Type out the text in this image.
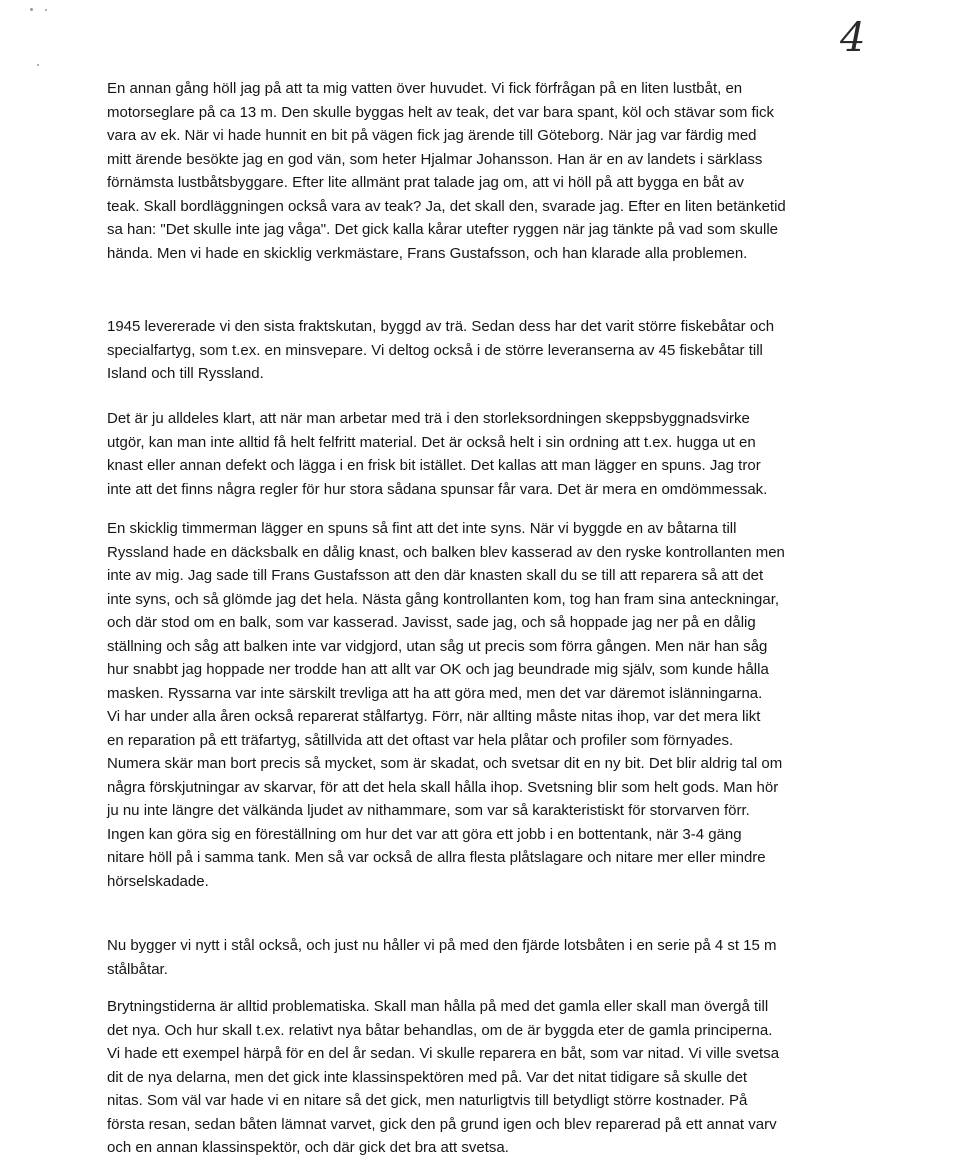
4
En annan gång höll jag på att ta mig vatten över huvudet. Vi fick förfrågan på en liten lustbåt, en
motorseglare på ca 13 m. Den skulle byggas helt av teak, det var bara spant, köl och stävar som fick
vara av ek. När vi hade hunnit en bit på vägen fick jag ärende till Göteborg. När jag var färdig med
mitt ärende besökte jag en god vän, som heter Hjalmar Johansson. Han är en av landets i särklass
förnämsta lustbåtsbyggare. Efter lite allmänt prat talade jag om, att vi höll på att bygga en båt av
teak. Skall bordläggningen också vara av teak? Ja, det skall den, svarade jag. Efter en liten betänketid
sa han: "Det skulle inte jag våga". Det gick kalla kårar utefter ryggen när jag tänkte på vad som skulle
hända. Men vi hade en skicklig verkmästare, Frans Gustafsson, och han klarade alla problemen.
1945 levererade vi den sista fraktskutan, byggd av trä. Sedan dess har det varit större fiskebåtar och
specialfartyg, som t.ex. en minsvepare. Vi deltog också i de större leveranserna av 45 fiskebåtar till
Island och till Ryssland.
Det är ju alldeles klart, att när man arbetar med trä i den storleksordningen skeppsbyggnadsvirke
utgör, kan man inte alltid få helt felfritt material. Det är också helt i sin ordning att t.ex. hugga ut en
knast eller annan defekt och lägga i en frisk bit istället. Det kallas att man lägger en spuns. Jag tror
inte att det finns några regler för hur stora sådana spunsar får vara. Det är mera en omdömmessak.
En skicklig timmerman lägger en spuns så fint att det inte syns. När vi byggde en av båtarna till
Ryssland hade en däcksbalk en dålig knast, och balken blev kasserad av den ryske kontrollanten men
inte av mig. Jag sade till Frans Gustafsson att den där knasten skall du se till att reparera så att det
inte syns, och så glömde jag det hela. Nästa gång kontrollanten kom, tog han fram sina anteckningar,
och där stod om en balk, som var kasserad. Javisst, sade jag, och så hoppade jag ner på en dålig
ställning och såg att balken inte var vidgjord, utan såg ut precis som förra gången. Men när han såg
hur snabbt jag hoppade ner trodde han att allt var OK och jag beundrade mig själv, som kunde hålla
masken. Ryssarna var inte särskilt trevliga att ha att göra med, men det var däremot islänningarna.
Vi har under alla åren också reparerat stålfartyg. Förr, när allting måste nitas ihop, var det mera likt
en reparation på ett träfartyg, såtillvida att det oftast var hela plåtar och profiler som förnyades.
Numera skär man bort precis så mycket, som är skadat, och svetsar dit en ny bit. Det blir aldrig tal om
några förskjutningar av skarvar, för att det hela skall hålla ihop. Svetsning blir som helt gods. Man hör
ju nu inte längre det välkända ljudet av nithammare, som var så karakteristiskt för storvarven förr.
Ingen kan göra sig en föreställning om hur det var att göra ett jobb i en bottentank, när 3-4 gäng
nitare höll på i samma tank. Men så var också de allra flesta plåtslagare och nitare mer eller mindre
hörselskadade.
Nu bygger vi nytt i stål också, och just nu håller vi på med den fjärde lotsbåten i en serie på 4 st 15 m
stålbåtar.
Brytningstiderna är alltid problematiska. Skall man hålla på med det gamla eller skall man övergå till
det nya. Och hur skall t.ex. relativt nya båtar behandlas, om de är byggda eter de gamla principerna.
Vi hade ett exempel härpå för en del år sedan. Vi skulle reparera en båt, som var nitad. Vi ville svetsa
dit de nya delarna, men det gick inte klassinspektören med på. Var det nitat tidigare så skulle det
nitas. Som väl var hade vi en nitare så det gick, men naturligtvis till betydligt större kostnader. På
första resan, sedan båten lämnat varvet, gick den på grund igen och blev reparerad på ett annat varv
och en annan klassinspektör, och där gick det bra att svetsa.
